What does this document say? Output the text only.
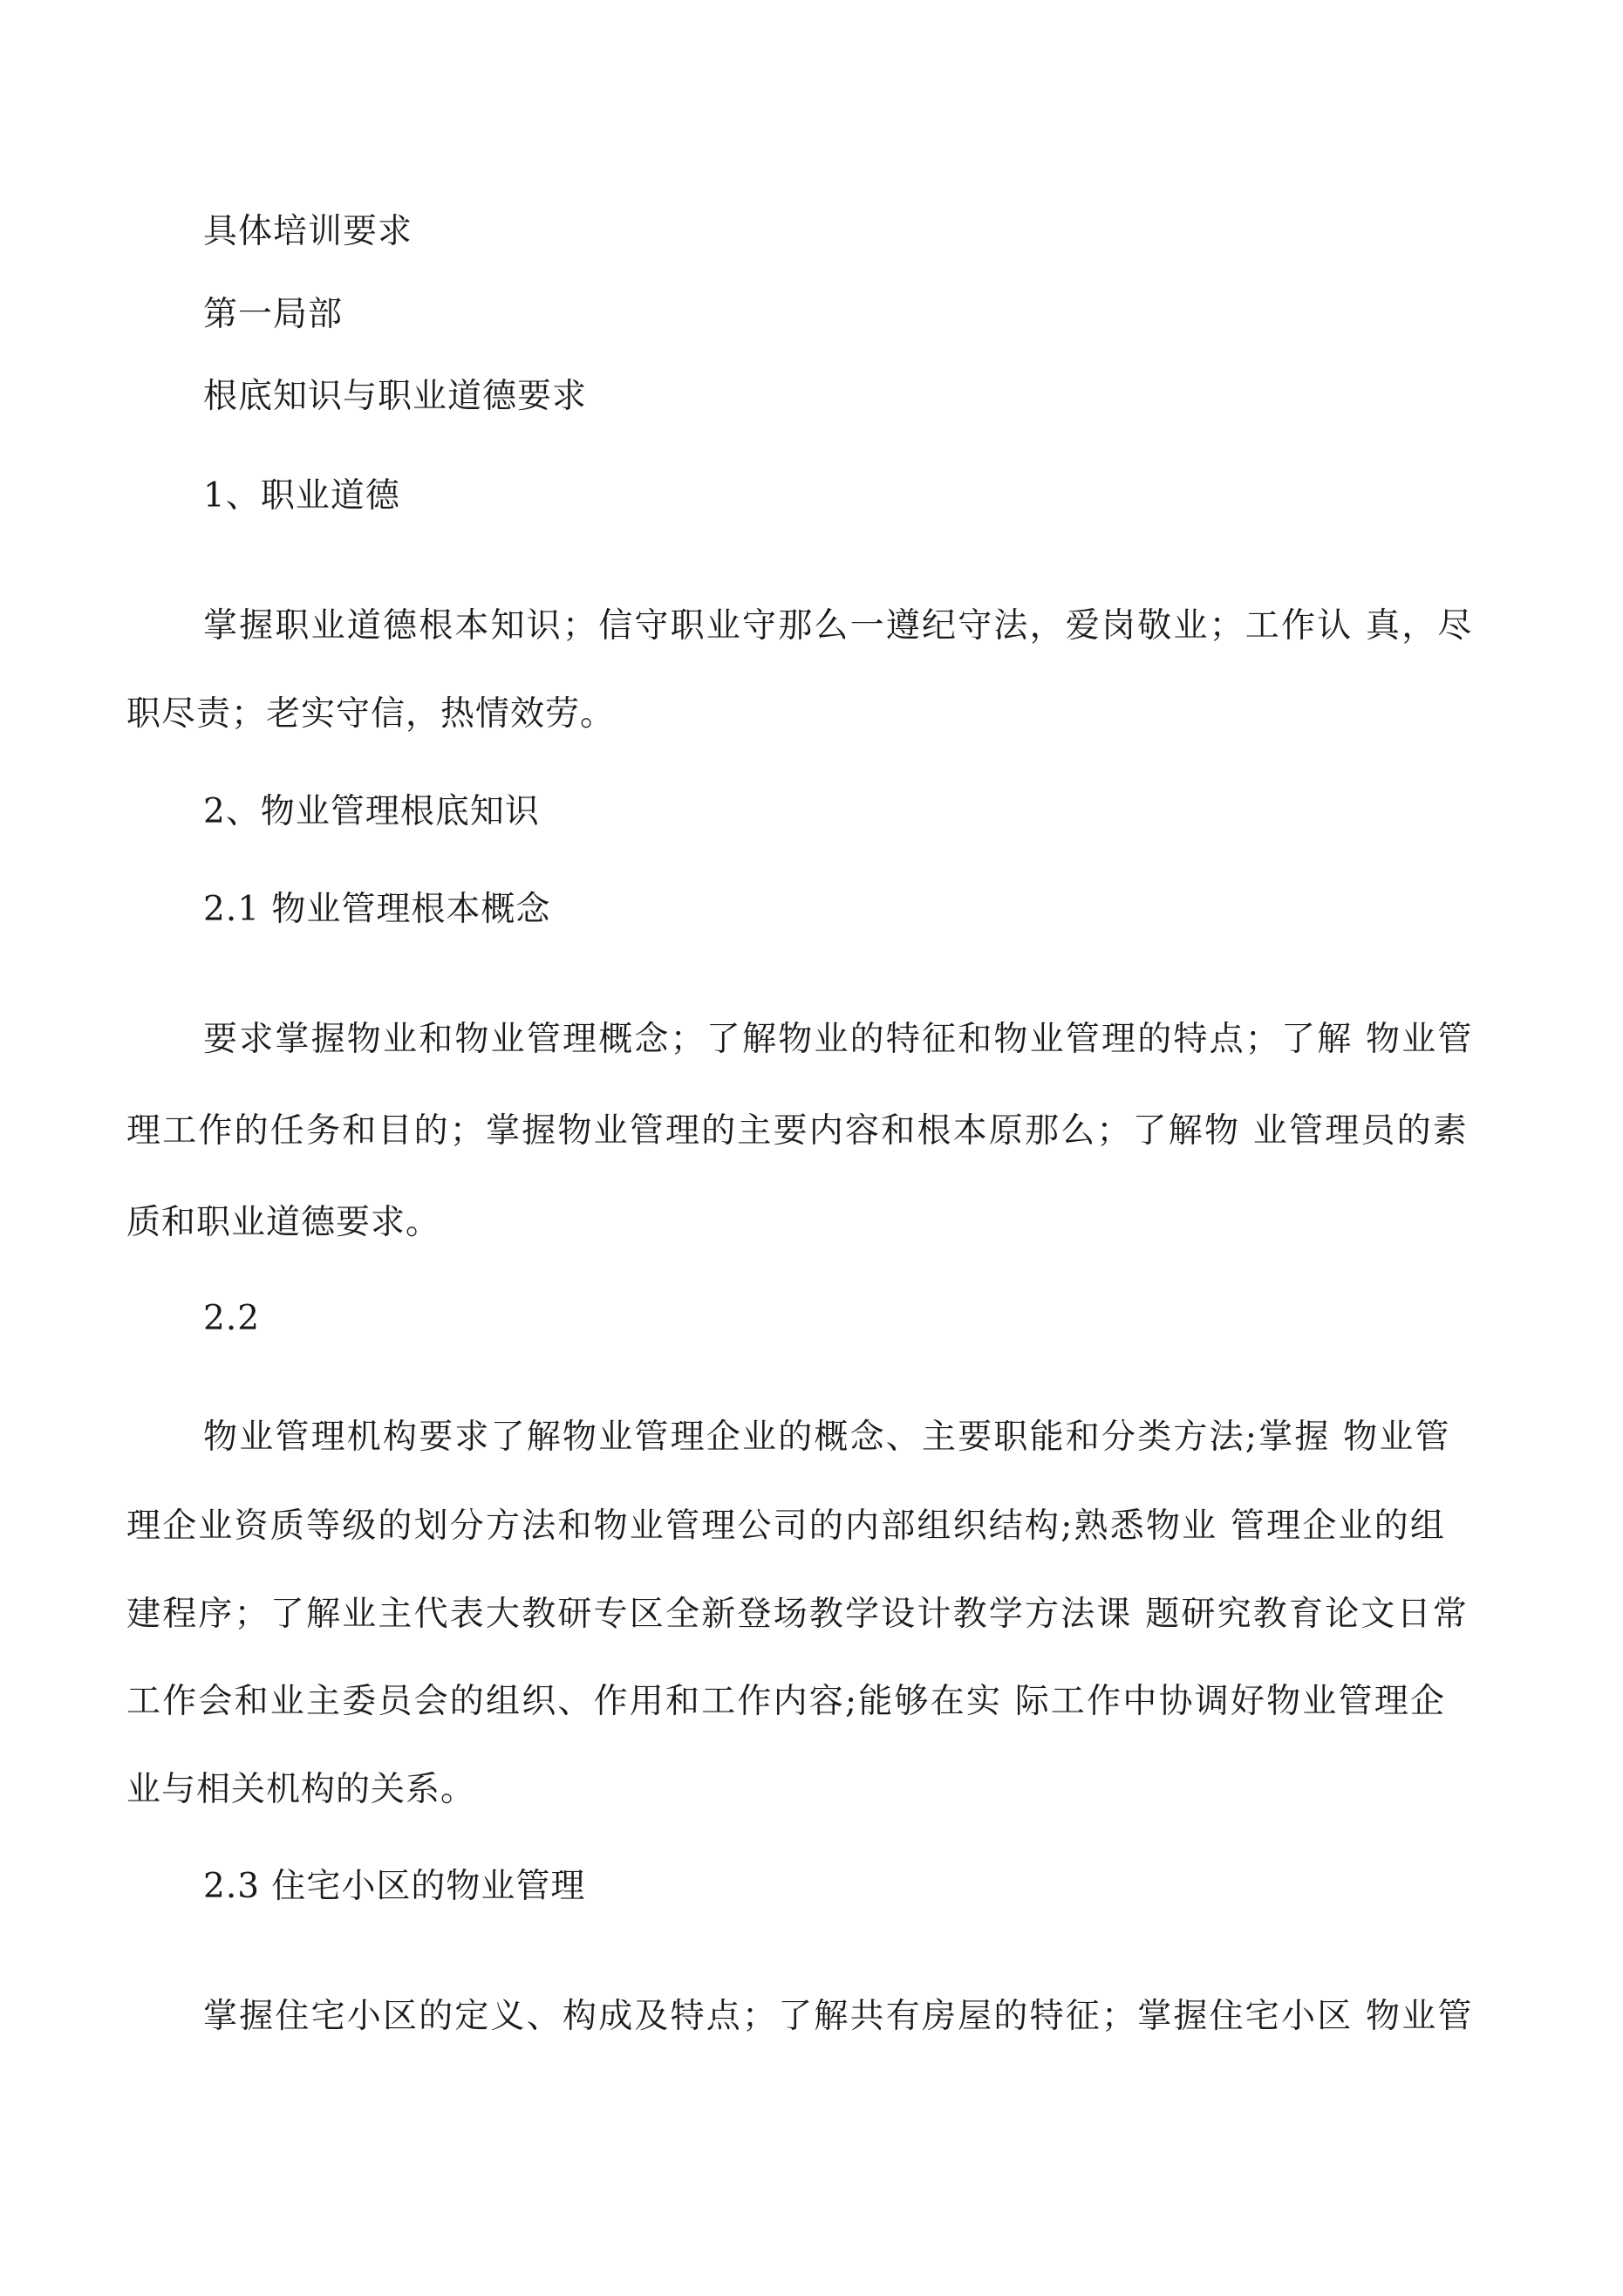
具体培训要求
第一局部
根底知识与职业道德要求
1、职业道德
掌握职业道德根本知识；信守职业守那么一遵纪守法，爱岗敬业；工作认 真，尽
职尽责；老实守信，热情效劳。
2、物业管理根底知识
2.1 物业管理根本概念
要求掌握物业和物业管理概念；了解物业的特征和物业管理的特点；了解 物业管
理工作的任务和目的；掌握物业管理的主要内容和根本原那么；了解物 业管理员的素
质和职业道德要求。
2.2
物业管理机构要求了解物业管理企业的概念、主要职能和分类方法;掌握 物业管
理企业资质等级的划分方法和物业管理公司的内部组织结构;熟悉物业 管理企业的组
建程序；了解业主代表大教研专区全新登场教学设计教学方法课 题研究教育论文日常
工作会和业主委员会的组织、作用和工作内容;能够在实 际工作中协调好物业管理企
业与相关机构的关系。
2.3 住宅小区的物业管理
掌握住宅小区的定义、构成及特点；了解共有房屋的特征；掌握住宅小区 物业管
